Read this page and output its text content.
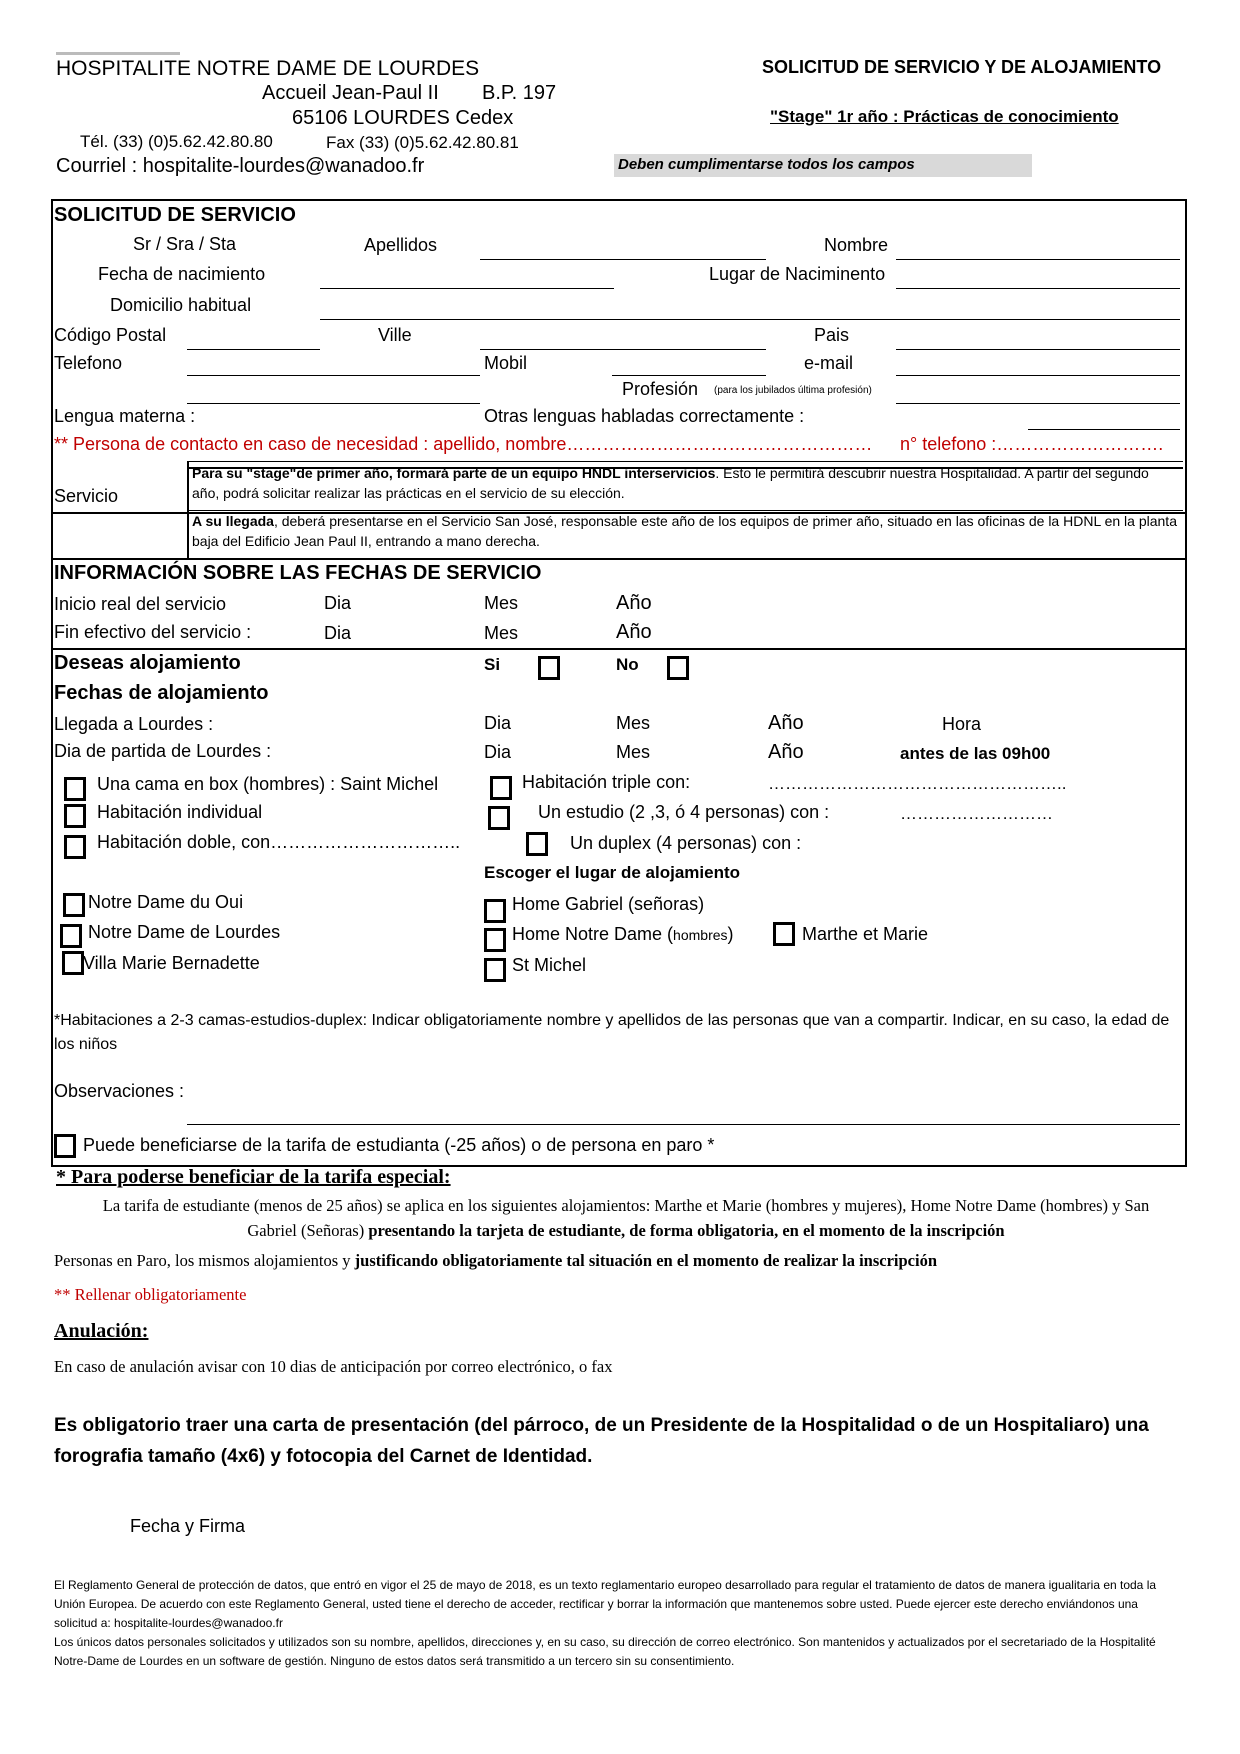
HOSPITALITE NOTRE DAME DE LOURDES
Accueil Jean-Paul II B.P. 197
65106 LOURDES Cedex
Tél. (33) (0)5.62.42.80.80	Fax (33) (0)5.62.42.80.81
Courriel : hospitalite-lourdes@wanadoo.fr
SOLICITUD DE SERVICIO Y DE ALOJAMIENTO
"Stage" 1r año : Prácticas de conocimiento
Deben cumplimentarse todos los campos
SOLICITUD DE SERVICIO
Sr / Sra / Sta	Apellidos	Nombre
Fecha de nacimiento	Lugar de Naciminento
Domicilio habitual
Código Postal	Ville	Pais
Telefono	Mobil	e-mail
Profesión (para los jubilados última profesión)
Lengua materna :	Otras lenguas habladas correctamente :
** Persona de contacto en caso de necesidad : apellido, nombre…………………………………………… n° telefono :……………………….
Servicio
Para su "stage"de primer año, formará parte de un equipo HNDL interservicios. Esto le permitirá descubrir nuestra Hospitalidad. A partir del segundo año, podrá solicitar realizar las prácticas en el servicio de su elección.
A su llegada, deberá presentarse en el Servicio San José, responsable este año de los equipos de primer año, situado en las oficinas de la HDNL en la planta baja del Edificio Jean Paul II, entrando a mano derecha.
INFORMACIÓN SOBRE LAS FECHAS DE SERVICIO
Inicio real del servicio	Dia	Mes	Año
Fin efectivo del servicio :	Dia	Mes	Año
Deseas alojamiento	Si	No
Fechas de alojamiento
Llegada a Lourdes :	Dia	Mes	Año	Hora
Dia de partida de Lourdes :	Dia	Mes	Año	antes de las 09h00
Una cama en box (hombres) : Saint Michel
Habitación individual
Habitación doble, con…………………………..
Habitación triple con:	……………………………………………..
Un estudio (2 ,3, ó 4 personas) con :	………………………
Un duplex (4 personas) con :
Escoger el lugar de alojamiento
Notre Dame du Oui
Notre Dame de Lourdes
Villa Marie Bernadette
Home Gabriel (señoras)
Home Notre Dame (hombres)	Marthe et Marie
St Michel
*Habitaciones a 2-3 camas-estudios-duplex: Indicar obligatoriamente nombre y apellidos de las personas que van a compartir. Indicar, en su caso, la edad de los niños
Observaciones :
Puede beneficiarse de la tarifa de estudianta (-25 años) o de persona en paro *
* Para poderse beneficiar de la tarifa especial:
La tarifa de estudiante (menos de 25 años) se aplica en los siguientes alojamientos: Marthe et Marie (hombres y mujeres), Home Notre Dame (hombres) y San Gabriel (Señoras) presentando la tarjeta de estudiante, de forma obligatoria, en el momento de la inscripción
Personas en Paro, los mismos alojamientos y justificando obligatoriamente tal situación en el momento de realizar la inscripción
** Rellenar obligatoriamente
Anulación:
En caso de anulación avisar con 10 dias de anticipación por correo electrónico, o fax
Es obligatorio traer una carta de presentación (del párroco, de un Presidente de la Hospitalidad o de un Hospitaliaro) una forografia tamaño (4x6) y fotocopia del Carnet de Identidad.
Fecha y Firma
El Reglamento General de protección de datos, que entró en vigor el 25 de mayo de 2018, es un texto reglamentario europeo desarrollado para regular el tratamiento de datos de manera igualitaria en toda la Unión Europea. De acuerdo con este Reglamento General, usted tiene el derecho de acceder, rectificar y borrar la información que mantenemos sobre usted. Puede ejercer este derecho enviándonos una solicitud a: hospitalite-lourdes@wanadoo.fr
Los únicos datos personales solicitados y utilizados son su nombre, apellidos, direcciones y, en su caso, su dirección de correo electrónico. Son mantenidos y actualizados por el secretariado de la Hospitalité Notre-Dame de Lourdes en un software de gestión. Ninguno de estos datos será transmitido a un tercero sin su consentimiento.
